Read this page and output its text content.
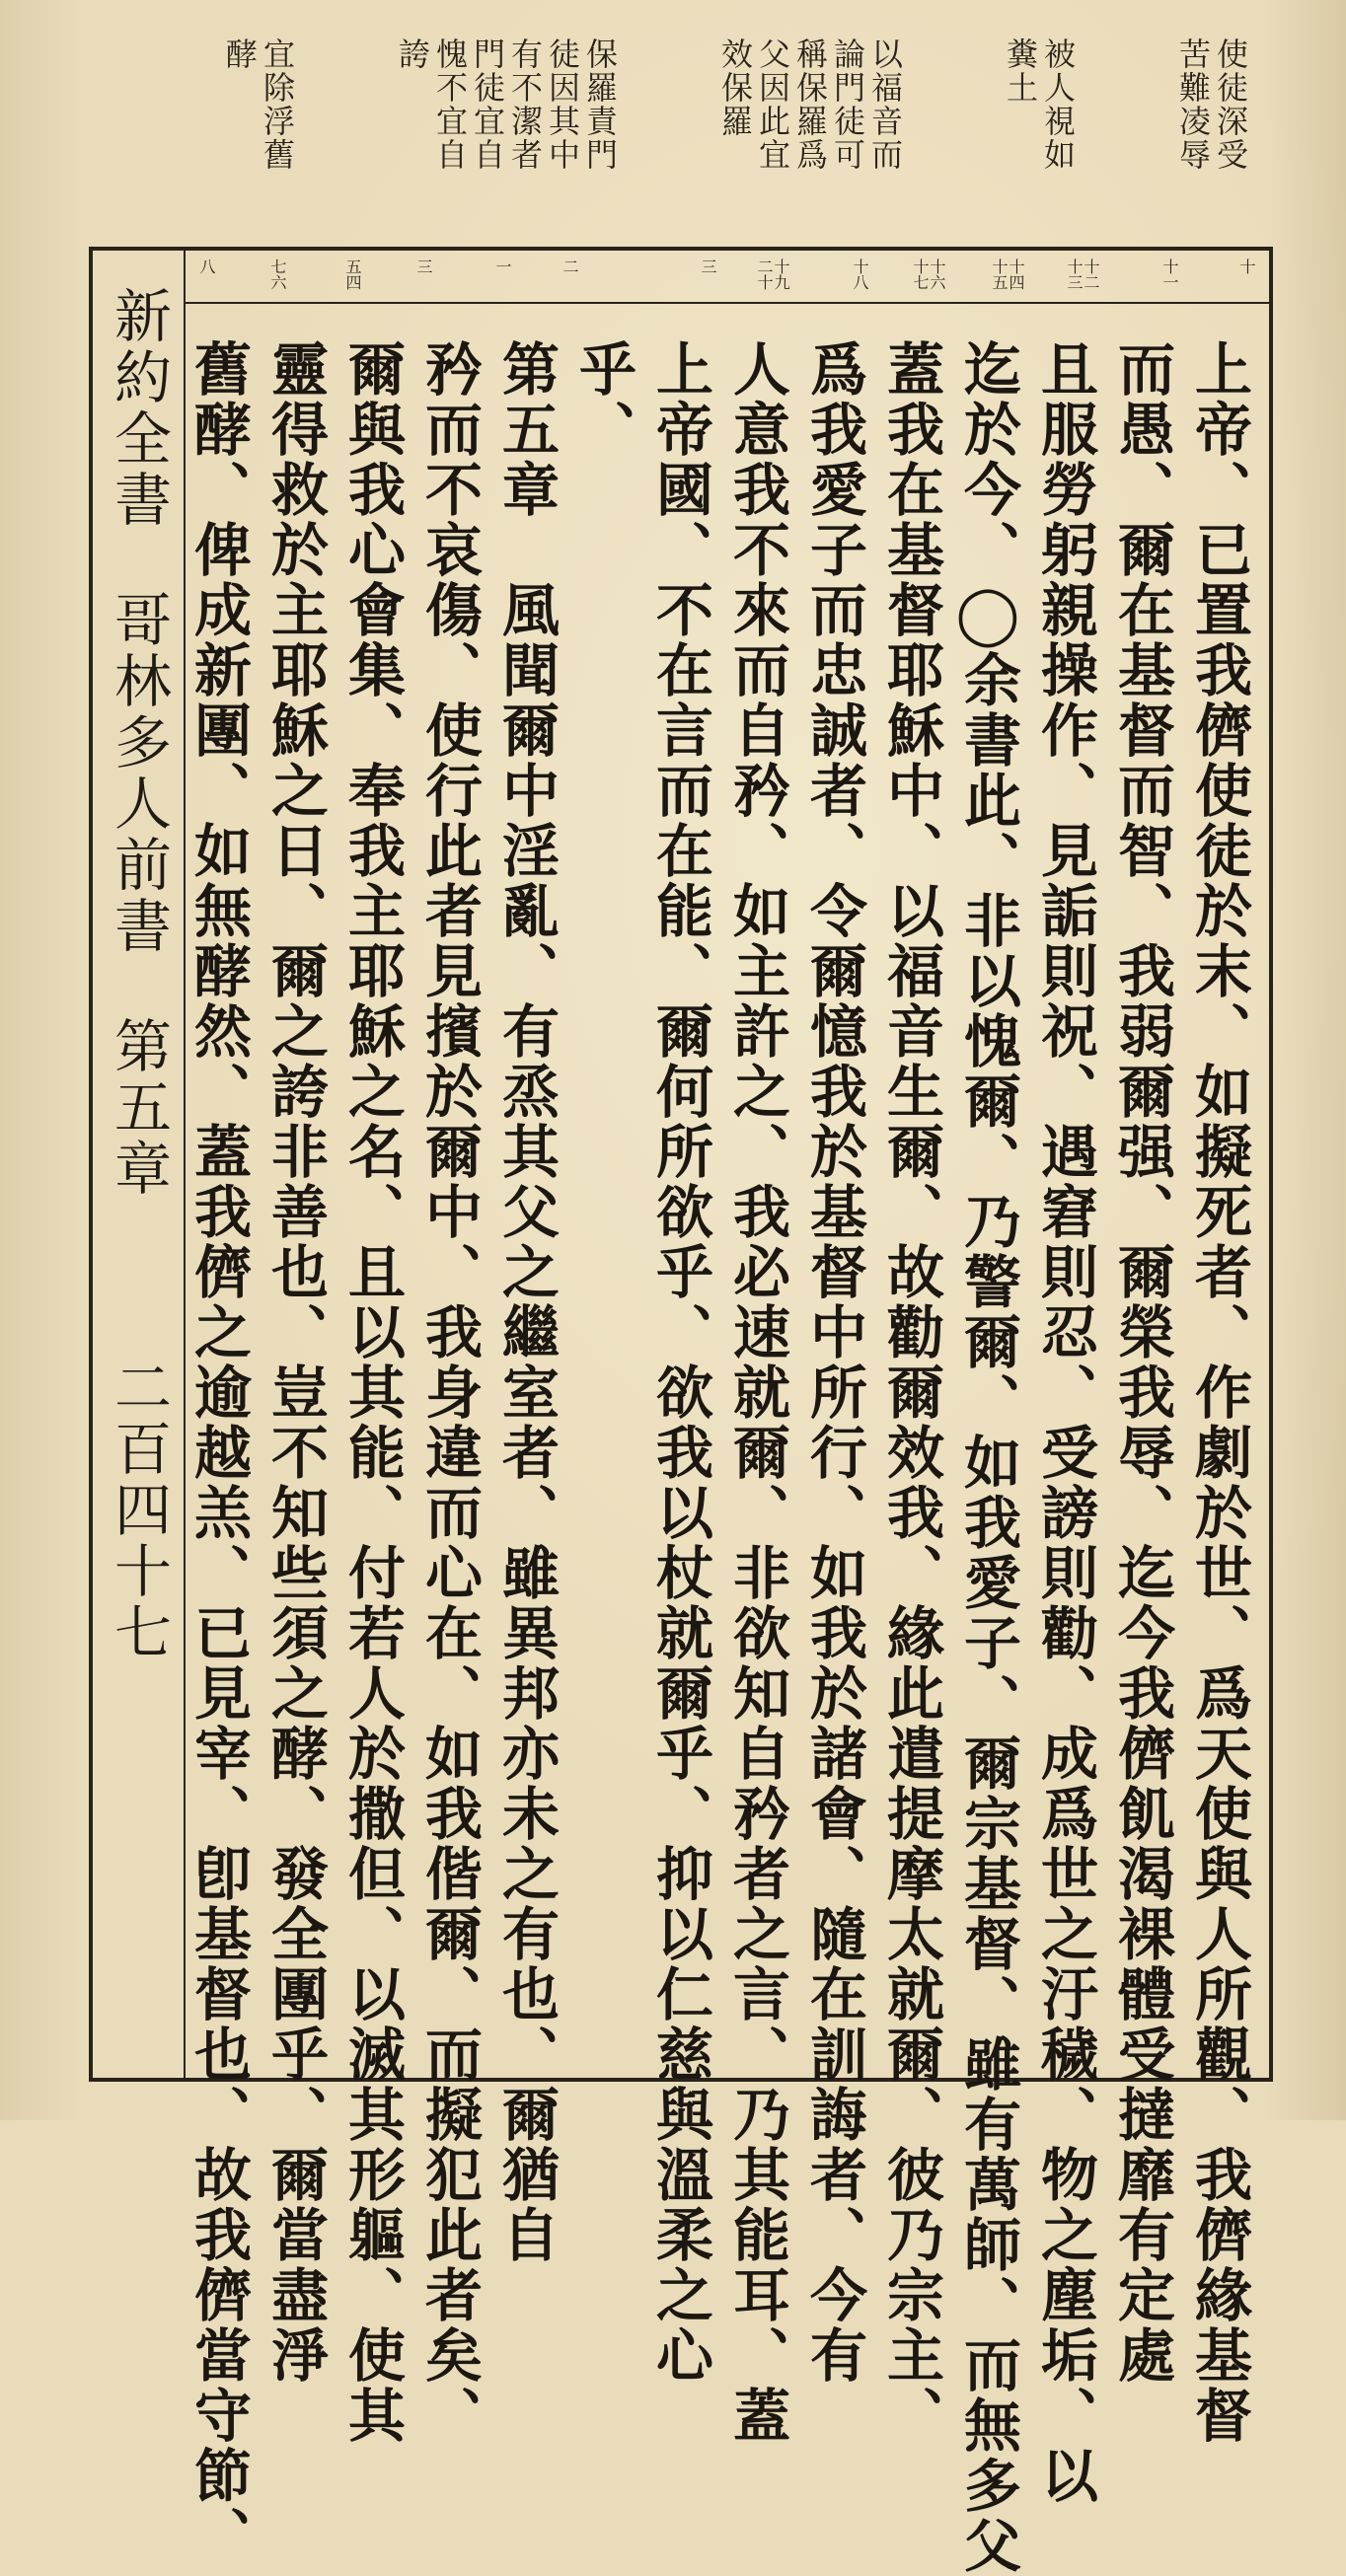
使徒深受
苦難凌辱
被人視如
糞土
以福音而
論門徒可
稱保羅爲
父因此宜
效保羅
保羅責門
徒因其中
有不潔者
門徒宜自
愧不宜自
誇
宜除浮舊
酵
新約全書哥林多人前書第五章二百四十七
十
十一
十二十三
十四十五
十六十七
十八
十九二十
三
二
一
三
五四
七六
八
上帝、已置我儕使徒於末、如擬死者、作劇於世、爲天使與人所觀、我儕緣基督
而愚、爾在基督而智、我弱爾强、爾榮我辱、迄今我儕飢渴裸體受撻靡有定處
且服勞躬親操作、見詬則祝、遇窘則忍、受謗則勸、成爲世之汙穢、物之塵垢、以
迄於今、◯余書此、非以愧爾、乃警爾、如我愛子、爾宗基督、雖有萬師、而無多父
蓋我在基督耶穌中、以福音生爾、故勸爾效我、緣此遣提摩太就爾、彼乃宗主、
爲我愛子而忠誠者、令爾憶我於基督中所行、如我於諸會、隨在訓誨者、今有
人意我不來而自矜、如主許之、我必速就爾、非欲知自矜者之言、乃其能耳、蓋
上帝國、不在言而在能、爾何所欲乎、欲我以杖就爾乎、抑以仁慈與溫柔之心
乎、
第五章　風聞爾中淫亂、有烝其父之繼室者、雖異邦亦未之有也、爾猶自
矜而不哀傷、使行此者見擯於爾中、我身違而心在、如我偕爾、而擬犯此者矣、
爾與我心會集、奉我主耶穌之名、且以其能、付若人於撒但、以滅其形軀、使其
靈得救於主耶穌之日、爾之誇非善也、豈不知些須之酵、發全團乎、爾當盡淨
舊酵、俾成新團、如無酵然、蓋我儕之逾越羔、已見宰、卽基督也、故我儕當守節、
